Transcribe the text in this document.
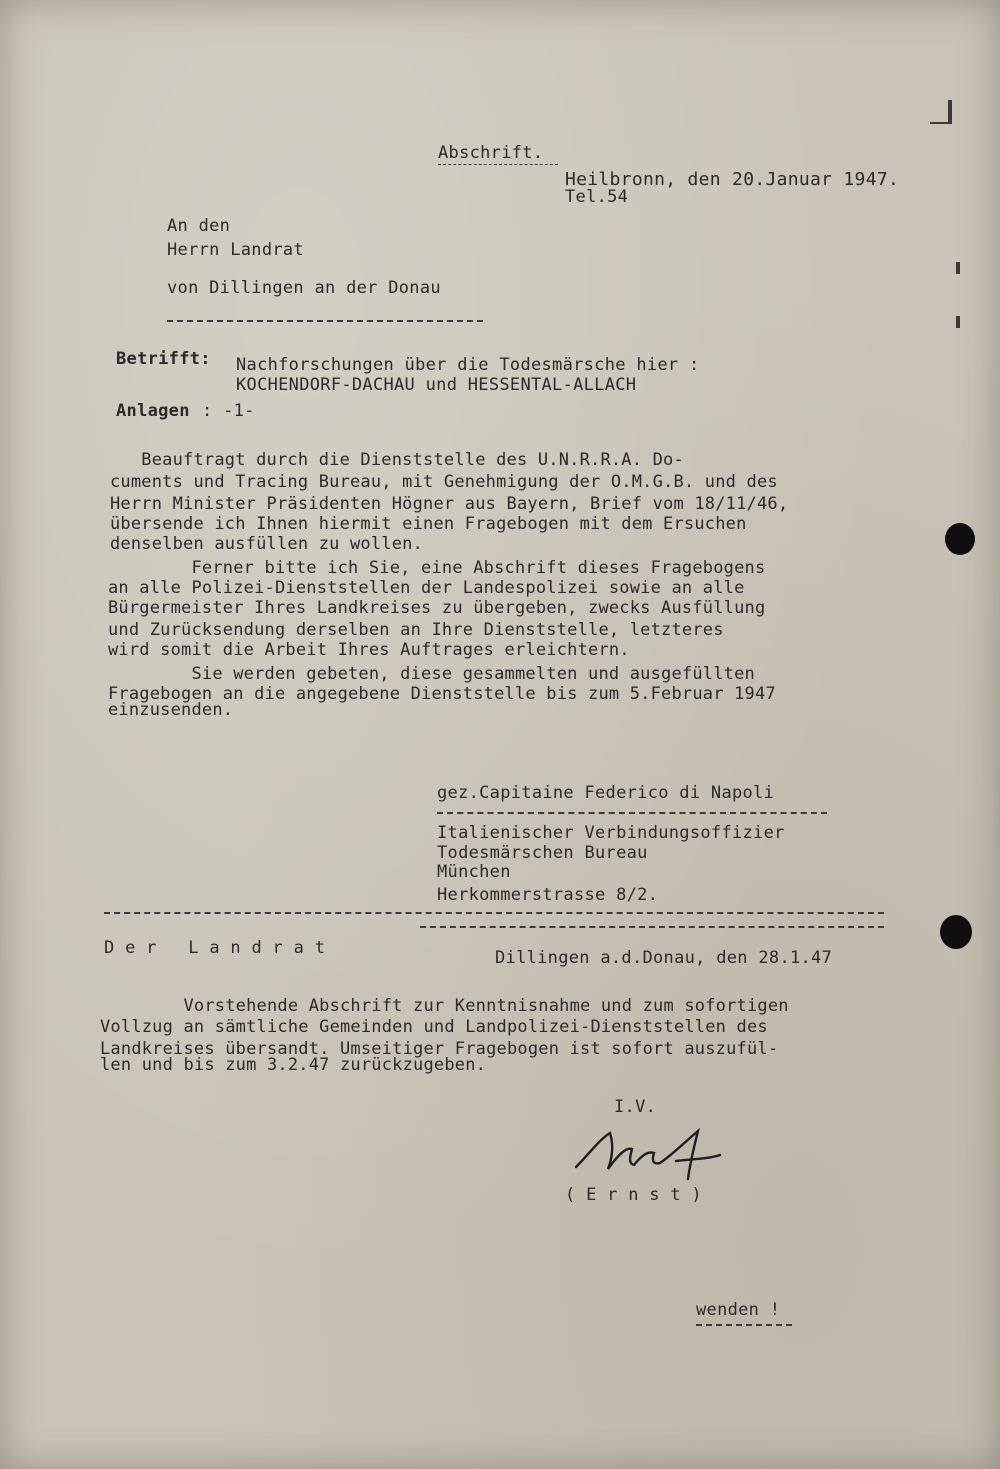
Abschrift.

Heilbronn, den 20.Januar 1947.

Tel.54

An den

Herrn Landrat

von Dillingen an der Donau

Betrifft: Nachforschungen über die Todesmärsche hier :

KOCHENDORF-DACHAU und HESSENTAL-ALLACH

Anlagen : -1-

Beauftragt durch die Dienststelle des U.N.R.R.A. Do-

cuments und Tracing Bureau, mit Genehmigung der O.M.G.B. und des

Herrn Minister Präsidenten Högner aus Bayern, Brief vom 18/11/46,

übersende ich Ihnen hiermit einen Fragebogen mit dem Ersuchen

denselben ausfüllen zu wollen.

Ferner bitte ich Sie, eine Abschrift dieses Fragebogens

an alle Polizei-Dienststellen der Landespolizei sowie an alle

Bürgermeister Ihres Landkreises zu übergeben, zwecks Ausfüllung

und Zurücksendung derselben an Ihre Dienststelle, letzteres

wird somit die Arbeit Ihres Auftrages erleichtern.

Sie werden gebeten, diese gesammelten und ausgefüllten

Fragebogen an die angegebene Dienststelle bis zum 5.Februar 1947

einzusenden.

gez.Capitaine Federico di Napoli

Italienischer Verbindungsoffizier

Todesmärschen Bureau

München

Herkommerstrasse 8/2.

D e r   L a n d r a t	Dillingen a.d.Donau, den 28.1.47

Vorstehende Abschrift zur Kenntnisnahme und zum sofortigen

Vollzug an sämtliche Gemeinden und Landpolizei-Dienststellen des

Landkreises übersandt. Umseitiger Fragebogen ist sofort auszufül-

len und bis zum 3.2.47 zurückzugeben.

I.V.

( E r n s t )

wenden !
